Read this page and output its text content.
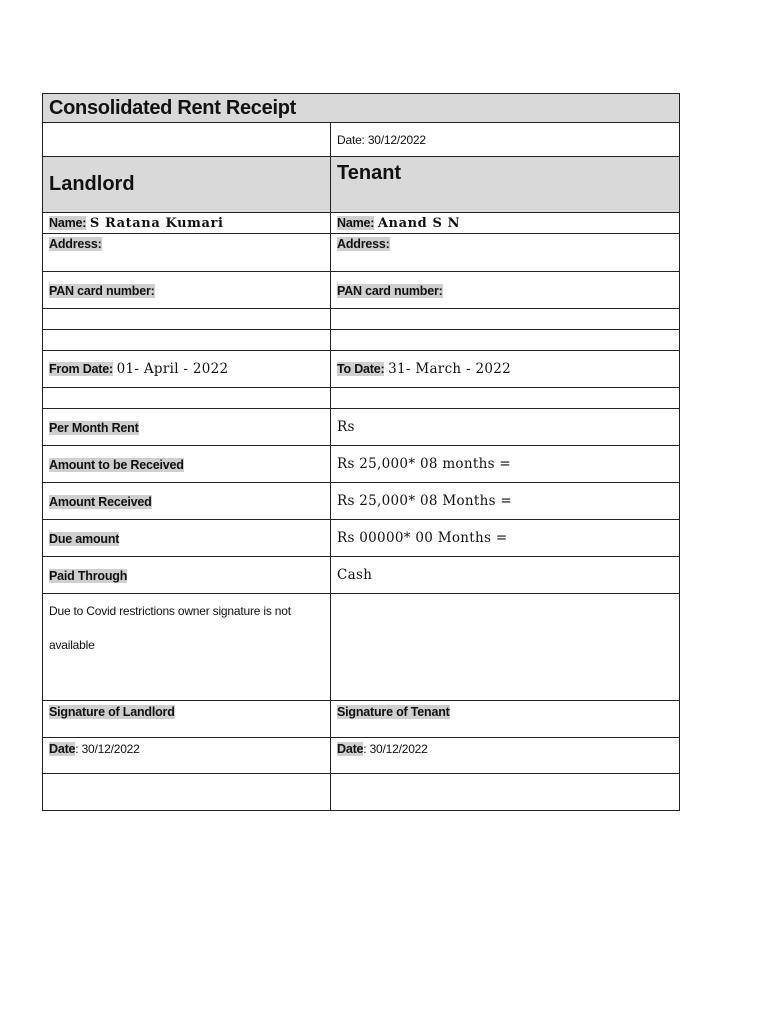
Consolidated Rent Receipt	
	Date: 30/12/2022
Landlord	Tenant
Name: S Ratana Kumari	Name: Anand S N
Address:	Address:
PAN card number:	PAN card number:

From Date: 01- April - 2022	To Date: 31- March - 2022

Per Month Rent	Rs
Amount to be Received	Rs 25,000* 08 months =
Amount Received	Rs 25,000* 08 Months =
Due amount	Rs 00000* 00 Months =
Paid Through	Cash

Due to Covid restrictions owner signature is not
available	

Signature of Landlord	Signature of Tenant
Date: 30/12/2022	Date: 30/12/2022
